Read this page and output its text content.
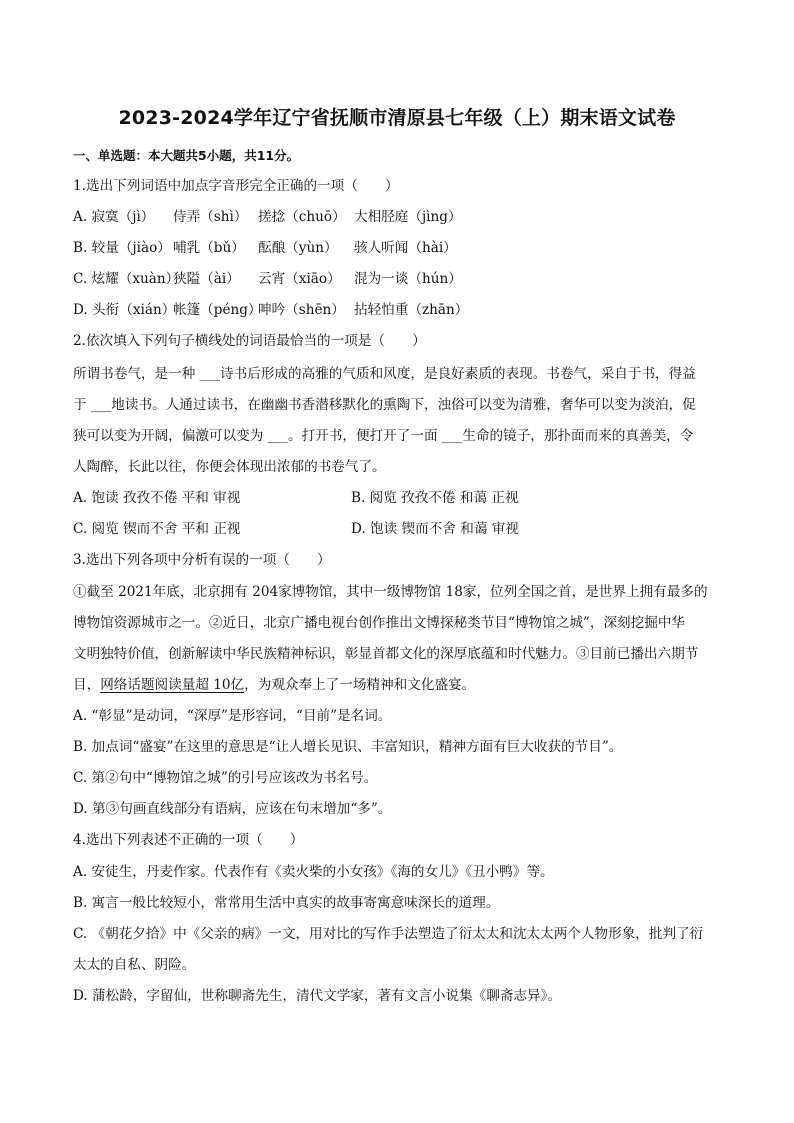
2023-2024学年辽宁省抚顺市清原县七年级（上）期末语文试卷

一、单选题：本大题共5小题，共11分。

1.选出下列词语中加点字音形完全正确的一项（　　）

A. 寂寞（jì） 侍弄（shì） 搓捻（chuō） 大相胫庭（jìng）

B. 较量（jiào） 哺乳（bǔ） 酝酿（yùn） 骇人听闻（hài）

C. 炫耀（xuàn）狭隘（ài） 云宵（xiāo） 混为一谈（hún）

D. 头衔（xián）帐篷（péng）呻吟（shēn） 拈轻怕重（zhān）

2.依次填入下列句子横线处的词语最恰当的一项是（　　）

所谓书卷气，是一种 ___诗书后形成的高雅的气质和风度，是良好素质的表现。书卷气，采自于书，得益

于 ___地读书。人通过读书，在幽幽书香潜移默化的熏陶下，浊俗可以变为清雅，奢华可以变为淡泊，促

狭可以变为开阔，偏激可以变为 ___。打开书，便打开了一面 ___生命的镜子，那扑面而来的真善美，令

人陶醉，长此以往，你便会体现出浓郁的书卷气了。

A. 饱读 孜孜不倦 平和 审视	B. 阅览 孜孜不倦 和蔼 正视

C. 阅览 锲而不舍 平和 正视	D. 饱读 锲而不舍 和蔼 审视

3.选出下列各项中分析有误的一项（　　）

①截至 2021年底，北京拥有 204家博物馆，其中一级博物馆 18家，位列全国之首，是世界上拥有最多的

博物馆资源城市之一。②近日，北京广播电视台创作推出文博探秘类节目“博物馆之城”，深刻挖掘中华

文明独特价值，创新解读中华民族精神标识，彰显首都文化的深厚底蕴和时代魅力。③目前已播出六期节

目，网络话题阅读量超 10亿，为观众奉上了一场精神和文化盛宴。

A. “彰显”是动词，“深厚”是形容词，“目前”是名词。

B. 加点词“盛宴”在这里的意思是“让人增长见识、丰富知识，精神方面有巨大收获的节目”。

C. 第②句中“博物馆之城”的引号应该改为书名号。

D. 第③句画直线部分有语病，应该在句末增加“多”。

4.选出下列表述不正确的一项（　　）

A. 安徒生，丹麦作家。代表作有《卖火柴的小女孩》《海的女儿》《丑小鸭》等。

B. 寓言一般比较短小，常常用生活中真实的故事寄寓意味深长的道理。

C. 《朝花夕拾》中《父亲的病》一文，用对比的写作手法塑造了衍太太和沈太太两个人物形象，批判了衍

太太的自私、阴险。

D. 蒲松龄，字留仙，世称聊斋先生，清代文学家，著有文言小说集《聊斋志异》。
